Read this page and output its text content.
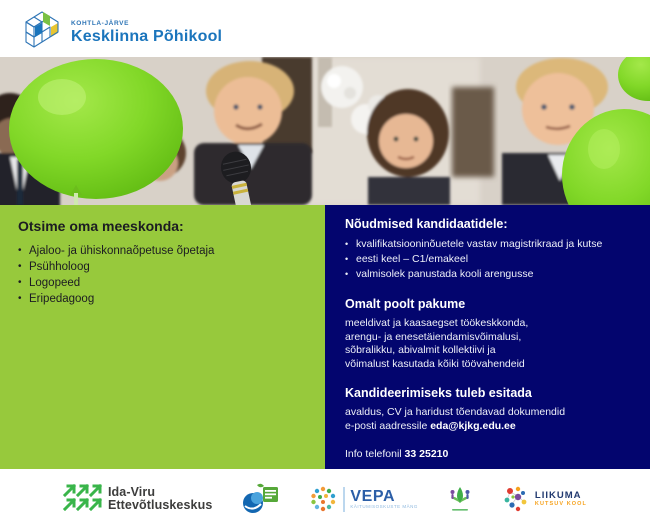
KOHTLA-JÄRVE
Kesklinna Põhikool
Otsime oma meeskonda:
• Ajaloo- ja ühiskonnaõpetuse õpetaja
• Psühholoog
• Logopeed
• Eripedagoog
Nõudmised kandidaatidele:
• kvalifikatsiooninõuetele vastav magistrikraad ja kutse
• eesti keel – C1/emakeel
• valmisolek panustada kooli arengusse
Omalt poolt pakume

meeldivat ja kaasaegset töökeskkonda,
arengu- ja enesetäiendamisvõimalusi,
sõbralikku, abivalmit kollektiivi ja
võimalust kasutada kõiki töövahendeid

Kandideerimiseks tuleb esitada

avaldus, CV ja haridust tõendavad dokumendid
e-posti aadressile eda@kjkg.edu.ee

Info telefonil 33 25210

Ida-Viru
Ettevõtluskeskus	VEPA
KÄITUMISOSKUSTE MÄNG
LIIKUMA
KUTSUV KOOL
